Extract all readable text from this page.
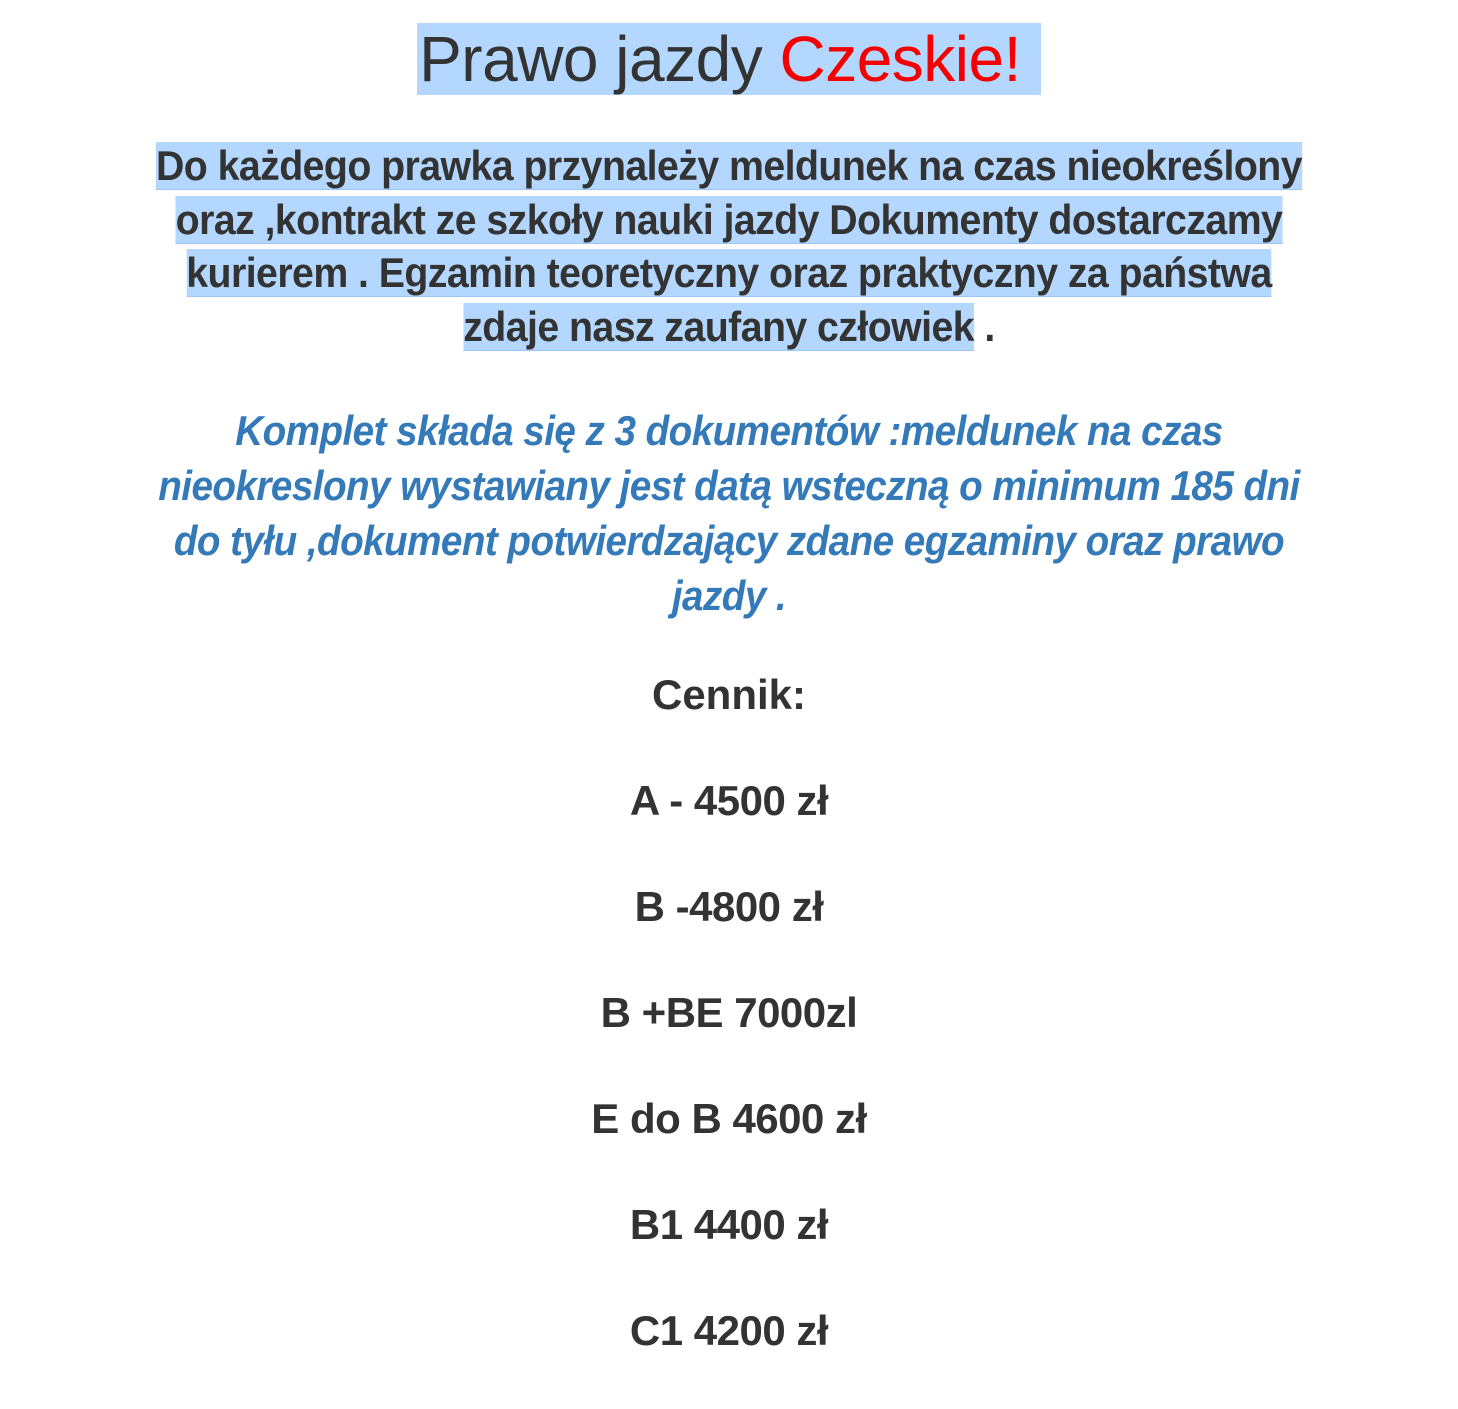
Prawo jazdy Czeskie!

Do każdego prawka przynależy meldunek na czas nieokreślony
oraz ,kontrakt ze szkoły nauki jazdy Dokumenty dostarczamy
kurierem . Egzamin teoretyczny oraz praktyczny za państwa
zdaje nasz zaufany człowiek .

Komplet składa się z 3 dokumentów :meldunek na czas
nieokreslony wystawiany jest datą wsteczną o minimum 185 dni
do tyłu ,dokument potwierdzający zdane egzaminy oraz prawo
jazdy .

Cennik:
A - 4500 zł
B -4800 zł
B +BE 7000zl
E do B 4600 zł
B1 4400 zł
C1 4200 zł
